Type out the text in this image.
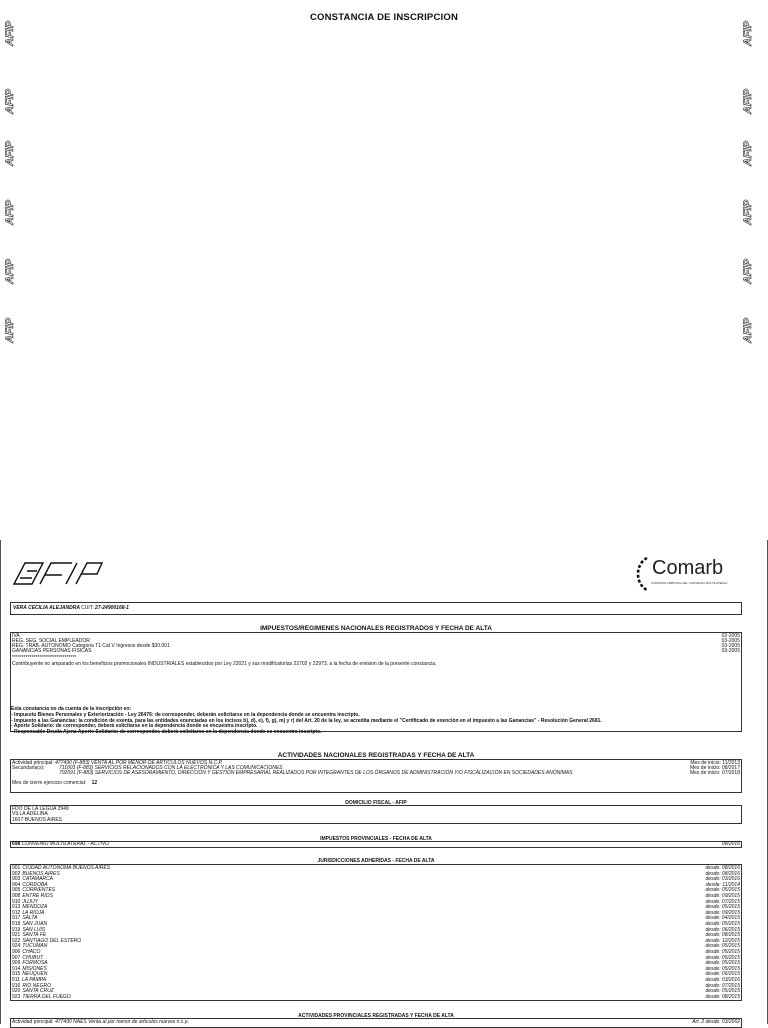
CONSTANCIA DE INSCRIPCION
AFIP	AFIP
AFIP	AFIP
AFIP	AFIP
AFIP	AFIP
AFIP	AFIP
AFIP	AFIP
Comarb
COMISIÓN ARBITRAL DEL CONVENIO MULTILATERAL
VERA CECILIA ALEJANDRA CUIT: 27-24900168-1
IMPUESTOS/REGIMENES NACIONALES REGISTRADOS Y FECHA DE ALTA
IVA	02-2005
REG. SEG. SOCIAL EMPLEADOR	03-2005
REG. TRAB. AUTONOMO Categoria T1 Cat V Ingresos desde $30.001	03-2005
GANANCIAS PERSONAS FISICAS	03-2005
*********************************
Contribuyente no amparado en los beneficios promocionales INDUSTRIALES establecidos por Ley 22021 y sus modificatorias 22702 y 22973, a la fecha de emision de la presente constancia.
Esta constancia no da cuenta de la inscripción en:
- Impuesto Bienes Personales y Exteriorización - Ley 26476: de corresponder, deberán solicitarse en la dependencia donde se encuentra inscripto.
- Impuesto a las Ganancias: la condición de exenta, para las entidades enunciadas en los incisos b), d), e), f), g), m) y r) del Art. 20 de la ley, se acredita mediante el "Certificado de exención en el impuesto a las Ganancias" - Resolución General 2681.
- Aporte Solidario: de corresponder, deberá solicitarse en la dependencia donde se encuentra inscripto.
- Responsable Deuda Ajena Aporte Solidario: de corresponder, deberá solicitarse en la dependencia donde se encuentra inscripto.
ACTIVIDADES NACIONALES REGISTRADAS Y FECHA DE ALTA
Actividad principal: 477490 (F-883) VENTA AL POR MENOR DE ARTICULOS NUEVOS N.C.P.	Mes de inicio: 11/2013
Secundaria(s):	711003 (F-883) SERVICIOS RELACIONADOS CON LA ELECTRÓNICA Y LAS COMUNICACIONES	Mes de inicio: 08/2017
702091 (F-883) SERVICIOS DE ASESORAMIENTO, DIRECCIÓN Y GESTIÓN EMPRESARIAL REALIZADOS POR INTEGRANTES DE LOS ÓRGANOS DE ADMINISTRACIÓN Y/O FISCALIZACIÓN EN SOCIEDADES ANÓNIMAS	Mes de inicio: 07/2018
Mes de cierre ejercicio comercial: 12
DOMICILIO FISCAL - AFIP
FDO DE LA LEGUA 2949
VILLA ADELINA
1607-BUENOS AIRES
IMPUESTOS PROVINCIALES - FECHA DE ALTA
698 CONVENIO MULTILATERAL - ACTIVO	08/2016
JURISDICCIONES ADHERIDAS - FECHA DE ALTA
901 CIUDAD AUTONOMA BUENOS AIRES	desde: 08/2016
902 BUENOS AIRES	desde: 08/2016
903 CATAMARCA	desde: 03/2016
904 CORDOBA	desde: 11/2014
905 CORRIENTES	desde: 05/2015
908 ENTRE RIOS	desde: 09/2015
910 JUJUY	desde: 07/2015
913 MENDOZA	desde: 05/2015
912 LA RIOJA	desde: 09/2015
917 SALTA	desde: 04/2015
918 SAN JUAN	desde: 05/2015
919 SAN LUIS	desde: 06/2015
921 SANTA FE	desde: 08/2015
922 SANTIAGO DEL ESTERO	desde: 12/2015
924 TUCUMAN	desde: 05/2015
906 CHACO	desde: 05/2015
907 CHUBUT	desde: 05/2015
909 FORMOSA	desde: 05/2015
914 MISIONES	desde: 05/2015
915 NEUQUEN	desde: 06/2015
911 LA PAMPA	desde: 03/2016
916 RIO NEGRO	desde: 07/2015
920 SANTA CRUZ	desde: 05/2015
923 TIERRA DEL FUEGO	desde: 08/2015
ACTIVIDADES PROVINCIALES REGISTRADAS Y FECHA DE ALTA
Actividad principal: 477490 NAES Venta al por menor de artículos nuevos n.c.p.	Art. 2 desde: 03/2002
